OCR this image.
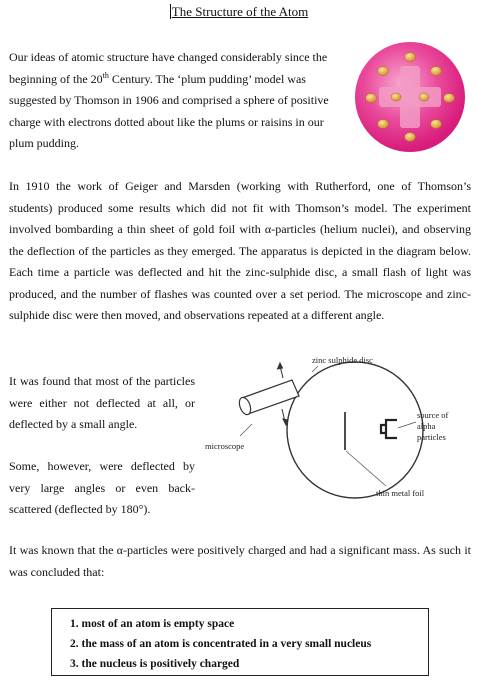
The Structure of the Atom

Our ideas of atomic structure have changed considerably since the beginning of the 20th Century. The ‘plum pudding’ model was suggested by Thomson in 1906 and comprised a sphere of positive charge with electrons dotted about like the plums or raisins in our plum pudding.

In 1910 the work of Geiger and Marsden (working with Rutherford, one of Thomson’s students) produced some results which did not fit with Thomson’s model. The experiment involved bombarding a thin sheet of gold foil with α-particles (helium nuclei), and observing the deflection of the particles as they emerged. The apparatus is depicted in the diagram below. Each time a particle was deflected and hit the zinc-sulphide disc, a small flash of light was produced, and the number of flashes was counted over a set period. The microscope and zinc-sulphide disc were then moved, and observations repeated at a different angle.

It was found that most of the particles were either not deflected at all, or deflected by a small angle.

Some, however, were deflected by very large angles or even back-scattered (deflected by 180°).

zinc sulphide disc
microscope
source of
alpha
particles
thin metal foil

It was known that the α-particles were positively charged and had a significant mass. As such it was concluded that:

1. most of an atom is empty space
2. the mass of an atom is concentrated in a very small nucleus
3. the nucleus is positively charged
